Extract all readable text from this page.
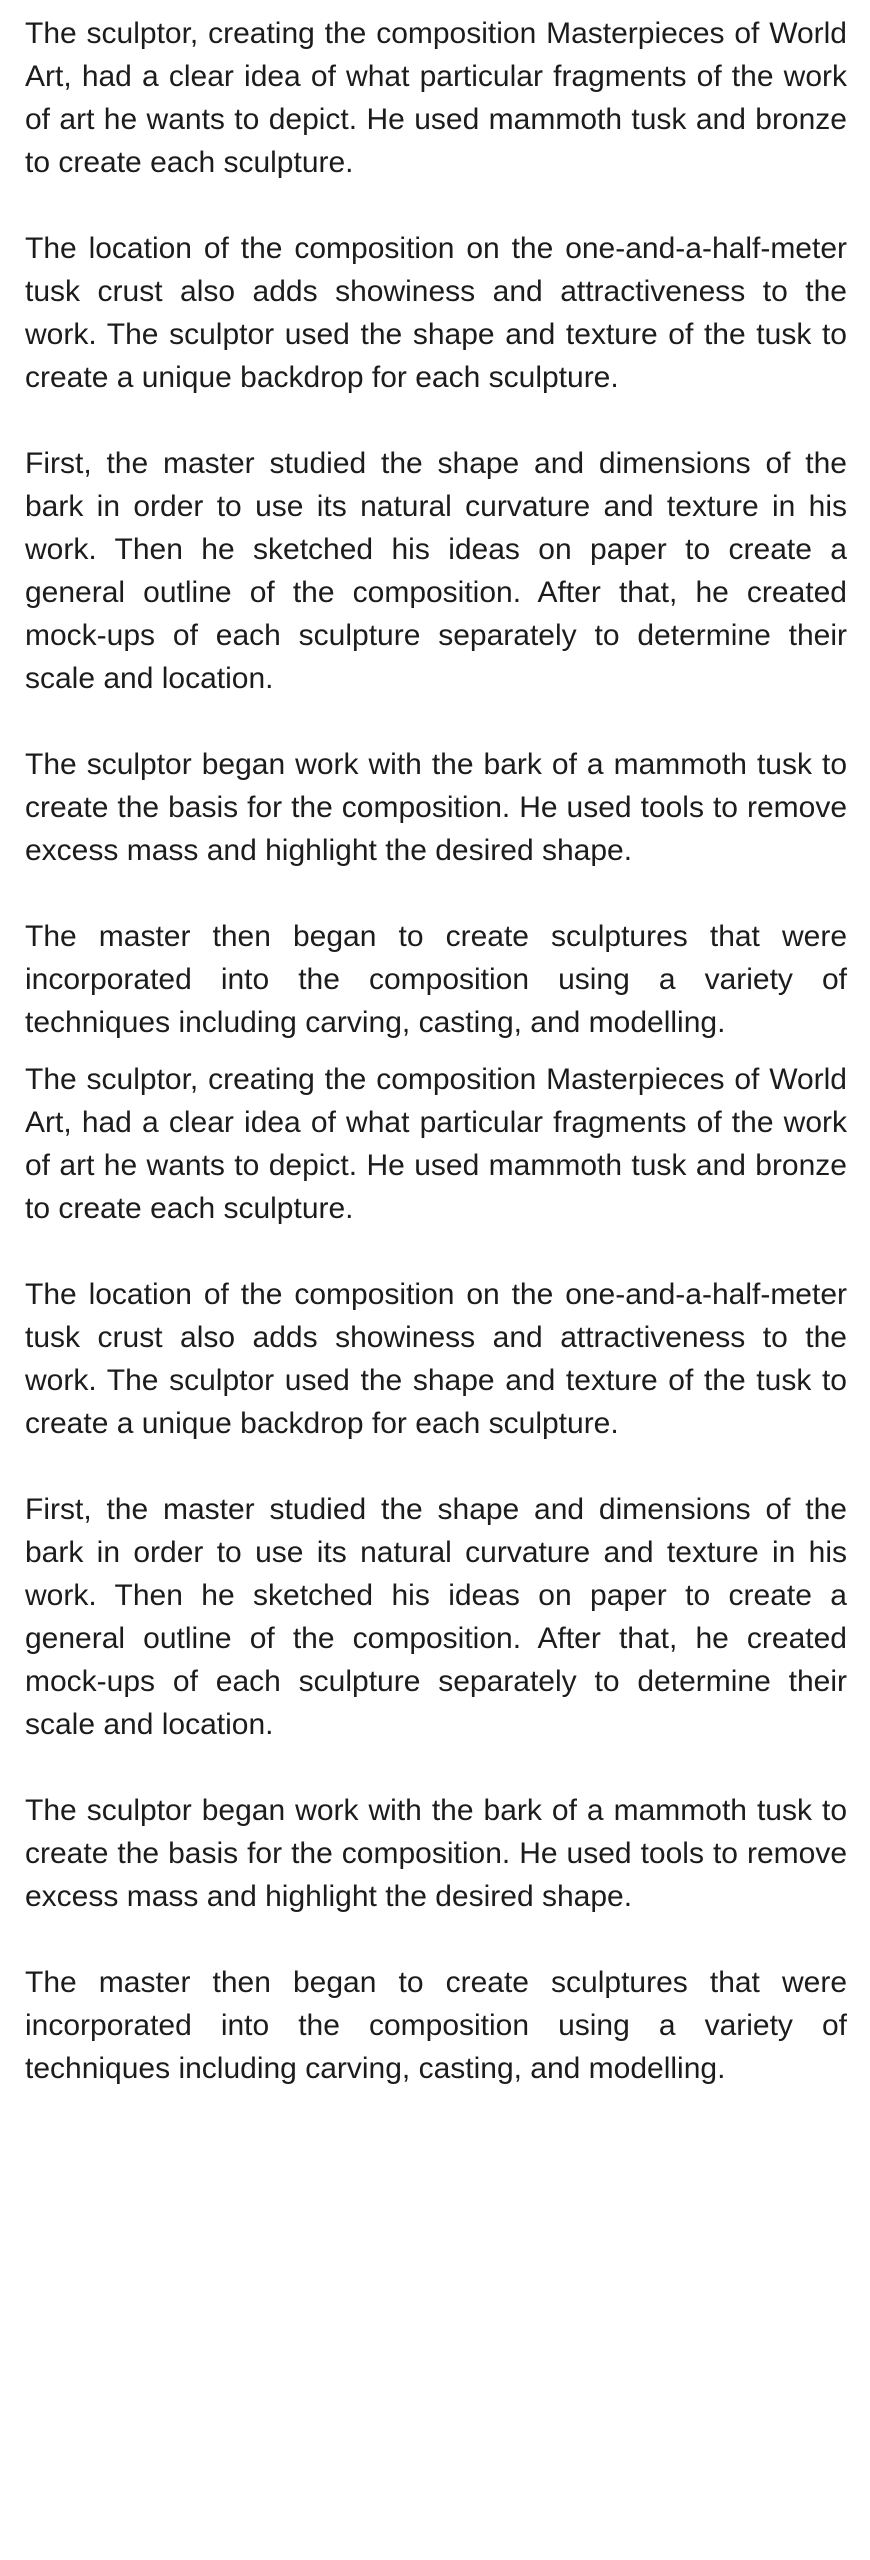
The sculptor, creating the composition Masterpieces of World Art, had a clear idea of what particular fragments of the work of art he wants to depict. He used mammoth tusk and bronze to create each sculpture.

The location of the composition on the one-and-a-half-meter tusk crust also adds showiness and attractiveness to the work. The sculptor used the shape and texture of the tusk to create a unique backdrop for each sculpture.

First, the master studied the shape and dimensions of the bark in order to use its natural curvature and texture in his work. Then he sketched his ideas on paper to create a general outline of the composition. After that, he created mock-ups of each sculpture separately to determine their scale and location.

The sculptor began work with the bark of a mammoth tusk to create the basis for the composition. He used tools to remove excess mass and highlight the desired shape.

The master then began to create sculptures that were incorporated into the composition using a variety of techniques including carving, casting, and modelling.

The sculptor, creating the composition Masterpieces of World Art, had a clear idea of what particular fragments of the work of art he wants to depict. He used mammoth tusk and bronze to create each sculpture.

The location of the composition on the one-and-a-half-meter tusk crust also adds showiness and attractiveness to the work. The sculptor used the shape and texture of the tusk to create a unique backdrop for each sculpture.

First, the master studied the shape and dimensions of the bark in order to use its natural curvature and texture in his work. Then he sketched his ideas on paper to create a general outline of the composition. After that, he created mock-ups of each sculpture separately to determine their scale and location.

The sculptor began work with the bark of a mammoth tusk to create the basis for the composition. He used tools to remove excess mass and highlight the desired shape.

The master then began to create sculptures that were incorporated into the composition using a variety of techniques including carving, casting, and modelling.
